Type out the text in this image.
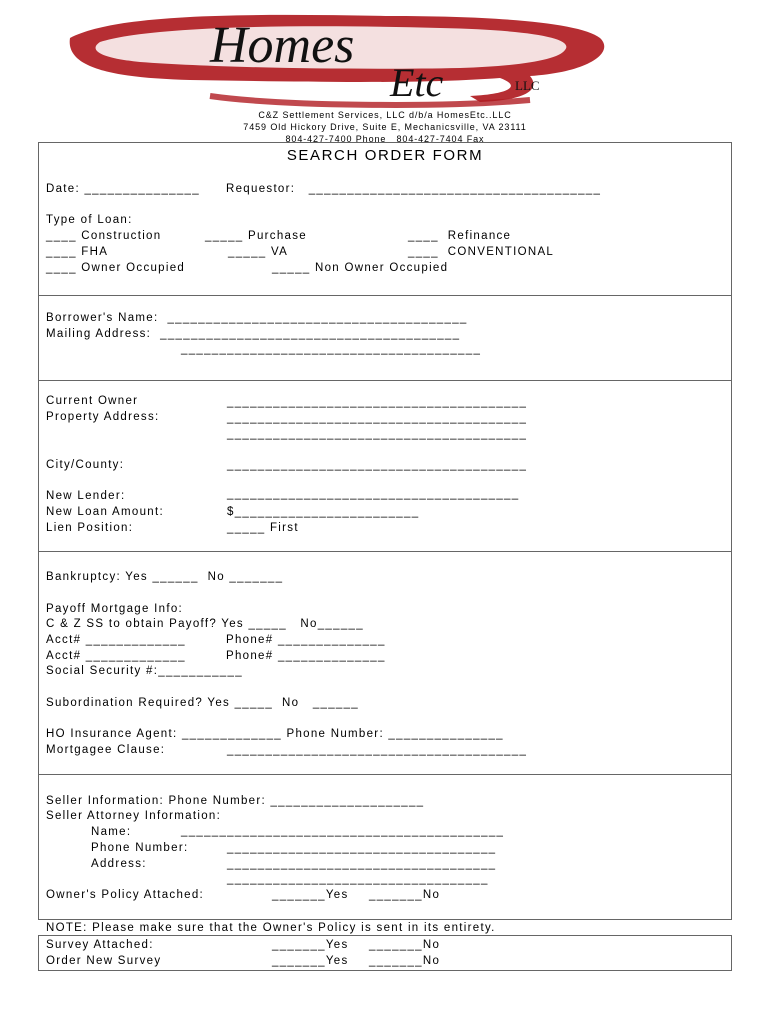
Homes
Etc	LLC
C&Z Settlement Services, LLC d/b/a HomesEtc..LLC
7459 Old Hickory Drive, Suite E, Mechanicsville, VA 23111
804-427-7400 Phone   804-427-7404 Fax
SEARCH ORDER FORM
Date: _______________ Requestor:   ______________________________________
Type of Loan:
____ Construction	_____ Purchase	____  Refinance
____ FHA	_____ VA	____  CONVENTIONAL
____ Owner Occupied	_____ Non Owner Occupied
Borrower's Name:  _______________________________________
Mailing Address:  _______________________________________
_______________________________________
Current Owner
Property Address:
_______________________________________
_______________________________________
_______________________________________
City/County:	_______________________________________
New Lender:	______________________________________
New Loan Amount:	$________________________
Lien Position:	_____ First
Bankruptcy: Yes ______  No _______
Payoff Mortgage Info:
C & Z SS to obtain Payoff? Yes _____   No______
Acct# _____________	Phone# ______________
Acct# _____________	Phone# ______________
Social Security #:___________
Subordination Required? Yes _____  No   ______
HO Insurance Agent: _____________ Phone Number: _______________
Mortgagee Clause:	_______________________________________
Seller Information: Phone Number: ____________________
Seller Attorney Information:
Name:	__________________________________________
Phone Number:	___________________________________
Address:	___________________________________
__________________________________
Owner's Policy Attached:	_______Yes _______No
NOTE: Please make sure that the Owner's Policy is sent in its entirety.
Survey Attached:	_______Yes _______No
Order New Survey	_______Yes _______No
